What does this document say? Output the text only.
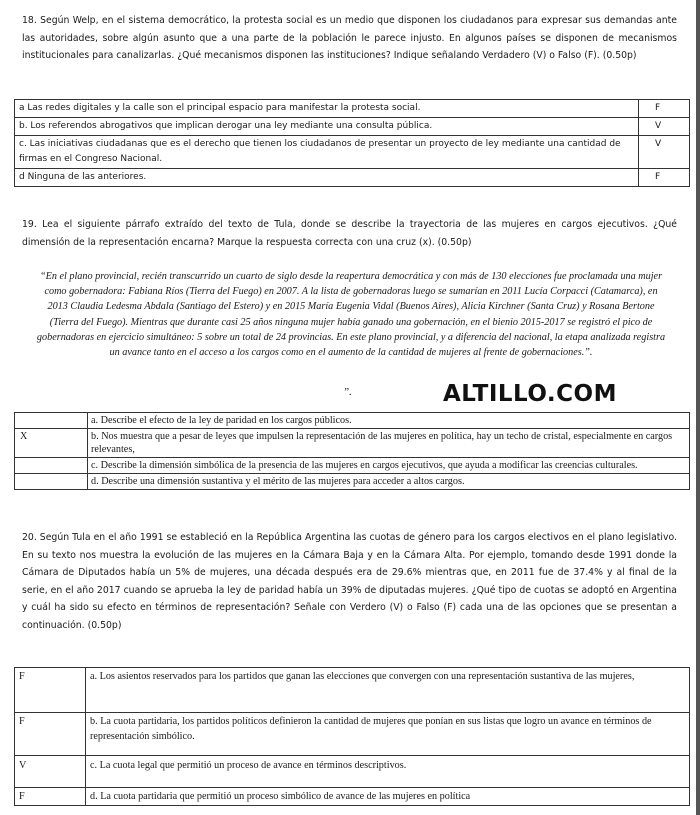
18. Según Welp, en el sistema democrático, la protesta social es un medio que disponen los ciudadanos para expresar sus demandas ante las autoridades, sobre algún asunto que a una parte de la población le parece injusto. En algunos países se disponen de mecanismos institucionales para canalizarlas. ¿Qué mecanismos disponen las instituciones? Indique señalando Verdadero (V) o Falso (F). (0.50p)
a Las redes digitales y la calle son el principal espacio para manifestar la protesta social.	F
b. Los referendos abrogativos que implican derogar una ley mediante una consulta pública.	V
c. Las iniciativas ciudadanas que es el derecho que tienen los ciudadanos de presentar un proyecto de ley mediante una cantidad de firmas en el Congreso Nacional.	V
d Ninguna de las anteriores.	F
19. Lea el siguiente párrafo extraído del texto de Tula, donde se describe la trayectoria de las mujeres en cargos ejecutivos. ¿Qué dimensión de la representación encarna? Marque la respuesta correcta con una cruz (x). (0.50p)
“En el plano provincial, recién transcurrido un cuarto de siglo desde la reapertura democrática y con más de 130 elecciones fue proclamada una mujer como gobernadora: Fabiana Ríos (Tierra del Fuego) en 2007. A la lista de gobernadoras luego se sumarían en 2011 Lucía Corpacci (Catamarca), en 2013 Claudia Ledesma Abdala (Santiago del Estero) y en 2015 María Eugenia Vidal (Buenos Aires), Alicia Kirchner (Santa Cruz) y Rosana Bertone (Tierra del Fuego). Mientras que durante casi 25 años ninguna mujer había ganado una gobernación, en el bienio 2015-2017 se registró el pico de gobernadoras en ejercicio simultáneo: 5 sobre un total de 24 provincias. En este plano provincial, y a diferencia del nacional, la etapa analizada registra un avance tanto en el acceso a los cargos como en el aumento de la cantidad de mujeres al frente de gobernaciones.”.
”.	ALTILLO.COM
	a. Describe el efecto de la ley de paridad en los cargos públicos.
X	b. Nos muestra que a pesar de leyes que impulsen la representación de las mujeres en política, hay un techo de cristal, especialmente en cargos relevantes,
	c. Describe la dimensión simbólica de la presencia de las mujeres en cargos ejecutivos, que ayuda a modificar las creencias culturales.
	d. Describe una dimensión sustantiva y el mérito de las mujeres para acceder a altos cargos.
20. Según Tula en el año 1991 se estableció en la República Argentina las cuotas de género para los cargos electivos en el plano legislativo. En su texto nos muestra la evolución de las mujeres en la Cámara Baja y en la Cámara Alta. Por ejemplo, tomando desde 1991 donde la Cámara de Diputados había un 5% de mujeres, una década después era de 29.6% mientras que, en 2011 fue de 37.4% y al final de la serie, en el año 2017 cuando se aprueba la ley de paridad había un 39% de diputadas mujeres. ¿Qué tipo de cuotas se adoptó en Argentina y cuál ha sido su efecto en términos de representación? Señale con Verdero (V) o Falso (F) cada una de las opciones que se presentan a continuación. (0.50p)
F	a. Los asientos reservados para los partidos que ganan las elecciones que convergen con una representación sustantiva de las mujeres,
F	b. La cuota partidaria, los partidos políticos definieron la cantidad de mujeres que ponían en sus listas que logro un avance en términos de representación simbólico.
V	c. La cuota legal que permitió un proceso de avance en términos descriptivos.
F	d. La cuota partidaria que permitió un proceso simbólico de avance de las mujeres en política
